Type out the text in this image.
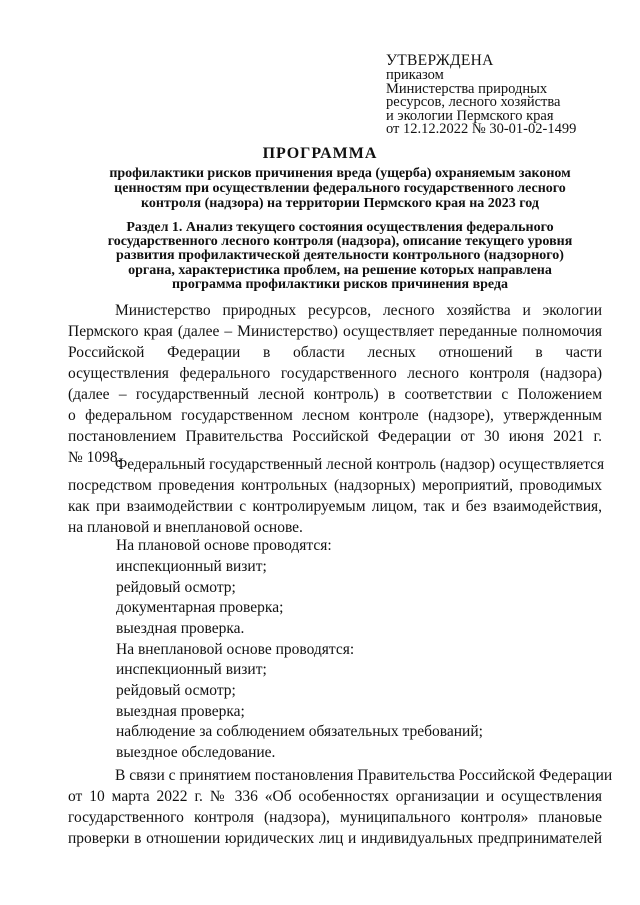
УТВЕРЖДЕНА
приказом
Министерства природных
ресурсов, лесного хозяйства
и экологии Пермского края
от 12.12.2022 № 30-01-02-1499
ПРОГРАММА
профилактики рисков причинения вреда (ущерба) охраняемым законом
ценностям при осуществлении федерального государственного лесного
контроля (надзора) на территории Пермского края на 2023 год
Раздел 1. Анализ текущего состояния осуществления федерального
государственного лесного контроля (надзора), описание текущего уровня
развития профилактической деятельности контрольного (надзорного)
органа, характеристика проблем, на решение которых направлена
программа профилактики рисков причинения вреда
Министерство природных ресурсов, лесного хозяйства и экологии
Пермского края (далее – Министерство) осуществляет переданные полномочия
Российской Федерации в области лесных отношений в части
осуществления федерального государственного лесного контроля (надзора)
(далее – государственный лесной контроль) в соответствии с Положением
о федеральном государственном лесном контроле (надзоре), утвержденным
постановлением Правительства Российской Федерации от 30 июня 2021 г.
№ 1098.
Федеральный государственный лесной контроль (надзор) осуществляется
посредством проведения контрольных (надзорных) мероприятий, проводимых
как при взаимодействии с контролируемым лицом, так и без взаимодействия,
на плановой и внеплановой основе.
На плановой основе проводятся:
инспекционный визит;
рейдовый осмотр;
документарная проверка;
выездная проверка.
На внеплановой основе проводятся:
инспекционный визит;
рейдовый осмотр;
выездная проверка;
наблюдение за соблюдением обязательных требований;
выездное обследование.
В связи с принятием постановления Правительства Российской Федерации
от 10 марта 2022 г. № 336 «Об особенностях организации и осуществления
государственного контроля (надзора), муниципального контроля» плановые
проверки в отношении юридических лиц и индивидуальных предпринимателей
